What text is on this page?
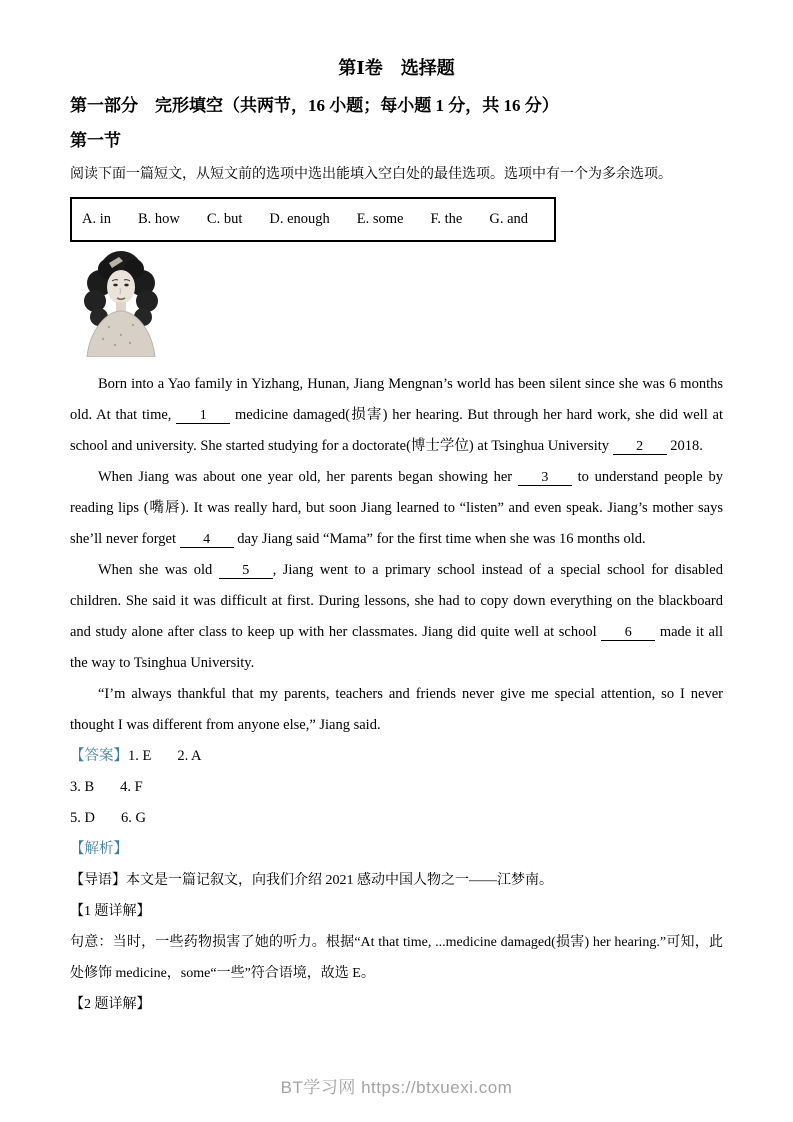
第Ⅰ卷　选择题
第一部分　完形填空（共两节，16 小题；每小题 1 分，共 16 分）
第一节

阅读下面一篇短文，从短文前的选项中选出能填入空白处的最佳选项。选项中有一个为多余选项。

A. in B. how C. but D. enough E. some F. the G. and

Born into a Yao family in Yizhang, Hunan, Jiang Mengnan’s world has been silent since she was 6 months old. At that time, 1 medicine damaged(损害) her hearing. But through her hard work, she did well at school and university. She started studying for a doctorate(博士学位) at Tsinghua University 2 2018.

When Jiang was about one year old, her parents began showing her 3 to understand people by reading lips (嘴唇). It was really hard, but soon Jiang learned to “listen” and even speak. Jiang’s mother says she’ll never forget 4 day Jiang said “Mama” for the first time when she was 16 months old.

When she was old 5 , Jiang went to a primary school instead of a special school for disabled children. She said it was difficult at first. During lessons, she had to copy down everything on the blackboard and study alone after class to keep up with her classmates. Jiang did quite well at school 6 made it all the way to Tsinghua University.

“I’m always thankful that my parents, teachers and friends never give me special attention, so I never thought I was different from anyone else,” Jiang said.

【答案】1. E 2. A

3. B 4. F

5. D 6. G

【解析】

【导语】本文是一篇记叙文，向我们介绍 2021 感动中国人物之一——江梦南。

【1 题详解】

句意：当时，一些药物损害了她的听力。根据“At that time, ...medicine damaged(损害) her hearing.”可知，此处修饰 medicine，some“一些”符合语境，故选 E。

【2 题详解】

BT学习网 https://btxuexi.com
